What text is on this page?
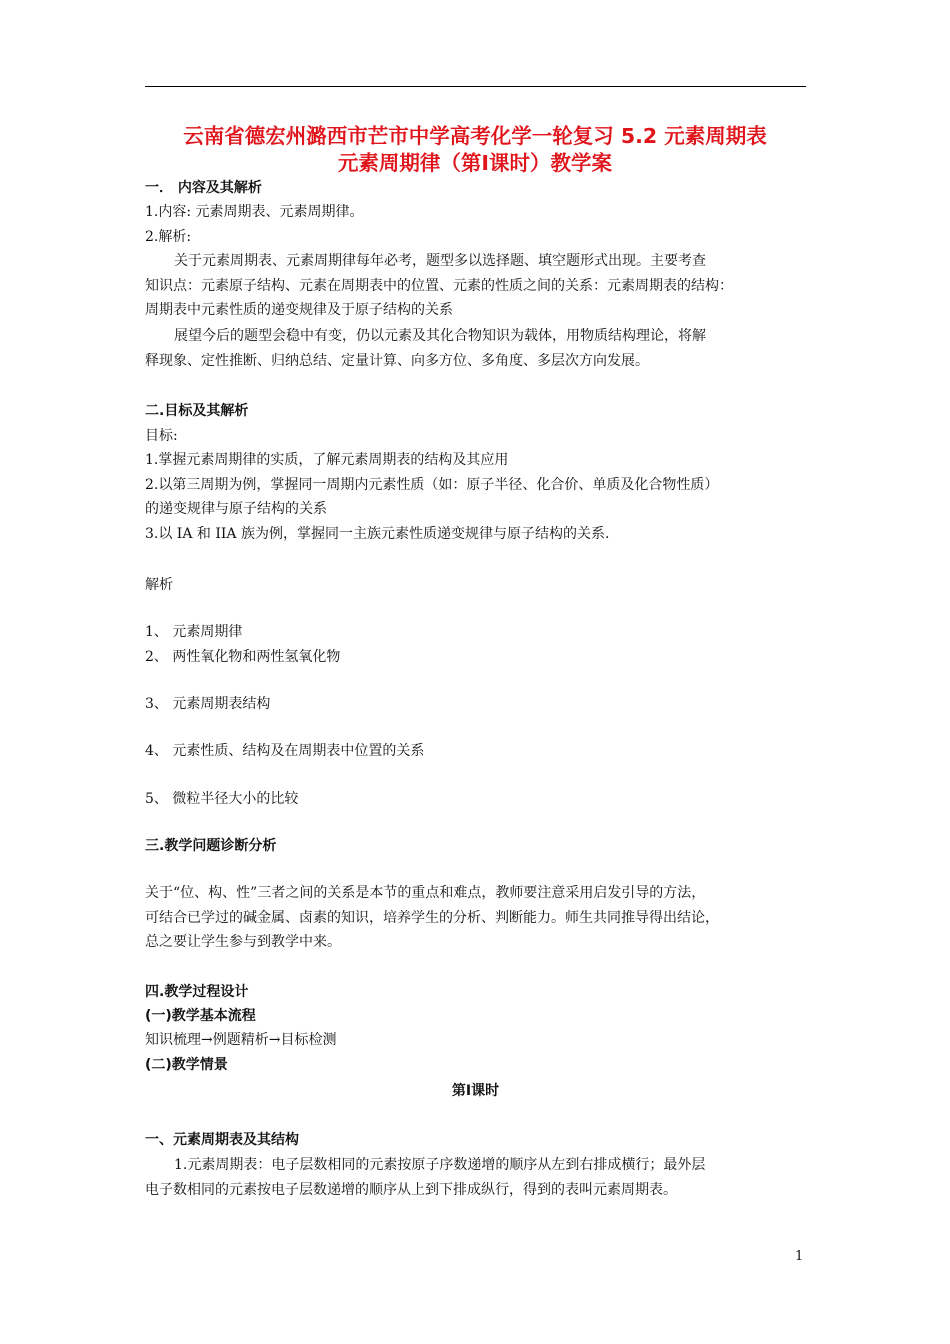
云南省德宏州潞西市芒市中学高考化学一轮复习 5.2 元素周期表
元素周期律（第Ⅰ课时）教学案
一． 内容及其解析
1.内容: 元素周期表、元素周期律。
2.解析:
关于元素周期表、元素周期律每年必考，题型多以选择题、填空题形式出现。主要考查
知识点：元素原子结构、元素在周期表中的位置、元素的性质之间的关系：元素周期表的结构：
周期表中元素性质的递变规律及于原子结构的关系
展望今后的题型会稳中有变，仍以元素及其化合物知识为载体，用物质结构理论，将解
释现象、定性推断、归纳总结、定量计算、向多方位、多角度、多层次方向发展。
二.目标及其解析
目标:
1.掌握元素周期律的实质，了解元素周期表的结构及其应用
2.以第三周期为例，掌握同一周期内元素性质（如：原子半径、化合价、单质及化合物性质）
的递变规律与原子结构的关系
3.以 IA 和 IIA 族为例，掌握同一主族元素性质递变规律与原子结构的关系.
解析
1、 元素周期律
2、 两性氧化物和两性氢氧化物
3、 元素周期表结构
4、 元素性质、结构及在周期表中位置的关系
5、 微粒半径大小的比较
三.教学问题诊断分析
关于“位、构、性”三者之间的关系是本节的重点和难点，教师要注意采用启发引导的方法，
可结合已学过的碱金属、卤素的知识，培养学生的分析、判断能力。师生共同推导得出结论，
总之要让学生参与到教学中来。
四.教学过程设计
(一)教学基本流程
知识梳理→例题精析→目标检测
(二)教学情景
第Ⅰ课时
一、元素周期表及其结构
1.元素周期表：电子层数相同的元素按原子序数递增的顺序从左到右排成横行；最外层
电子数相同的元素按电子层数递增的顺序从上到下排成纵行，得到的表叫元素周期表。
1
